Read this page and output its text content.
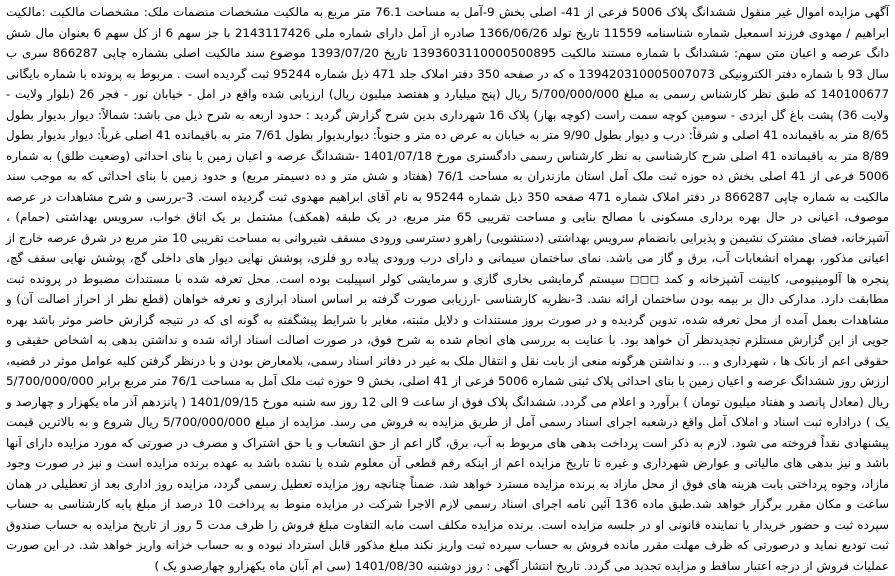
آگهی مزایده اموال غیر منقول ششدانگ پلاک 5006 فرعی از 41- اصلی بخش 9-آمل به مساحت 76.1 متر مربع به مالکیت مشخصات منضمات ملک: مشخصات مالکیت :مالکیت ابراهیم / مهدوی فرزند اسمعیل شماره شناسنامه 11559 تاریخ تولد 1366/06/26 صادره از آمل دارای شماره ملی 2143117426 با جز سهم 6 از کل سهم 6 بعنوان مال شش دانگ عرصه و اعیان متن سهم: ششدانگ با شماره مستند مالکیت 1393603110000500895 تاریخ 1393/07/20 موضوع سند مالکیت اصلی بشماره چاپی 866287 سری ب سال 93 با شماره دفتر الکترونیکی 139420310005007073 ه که در صفحه 350 دفتر املاک جلد 471 ذیل شماره 95244 ثبت گردیده است . مربوط به پرونده با شماره بایگانی 140100677 که طبق نظر کارشناس رسمی به مبلغ 5/700/000/000 ریال (پنج میلیارد و هفتصد میلیون ریال) ارزیابی شده واقع در امل - خیابان نور - فجر 26 (بلوار ولایت - ولایت 36) پشت باغ گل ایزدی - سومین کوچه سمت راست (کوچه بهار) پلاک 16 شهرداری بدین شرح گزارش گردید : حدود اربعه به شرح ذیل می باشد: شمالاً: دیوار بدیوار بطول 8/65 متر به باقیمانده 41 اصلی و شرقاً: درب و دیوار بطول 9/90 متر به خیابان به عرض ده متر و جنوباً: دیواربدیوار بطول 7/61 متر به باقیمانده 41 اصلی غرباً: دیوار بدیوار بطول 8/89 متر به باقیمانده 41 اصلی شرح کارشناسی به نظر کارشناس رسمی دادگستری مورخ 1401/07/18 -ششدانگ عرصه و اعیان زمین با بنای احداثی (وضعیت طلق) به شماره 5006 فرعی از 41 اصلی بخش ده حوزه ثبت ملک آمل استان مازندران به مساحت 76/1 (هفتاد و شش متر و ده دسیمتر مربع) و حدود زمین با بنای احداثی که به موجب سند مالکیت به شماره چاپی 866287 در دفتر املاک شماره 471 صفحه 350 ذیل شماره 95244 به نام آقای ابراهیم مهدوی ثبت گردیده است. 3-بررسی و شرح مشاهدات در عرصه موصوف، اعیانی در حال بهره برداری مسکونی با مصالح بنایی و مساحت تقریبی 65 متر مربع، در یک طبقه (همکف) مشتمل بر یک اتاق خواب، سرویس بهداشتی (حمام) ، آشپزخانه، فضای مشترک نشیمن و پذیرایی بانضمام سرویس بهداشتی (دستشویی) راهرو دسترسی ورودی مسقف شیروانی به مساحت تقریبی 10 متر مربع در شرق عرصه خارج از اعیانی مذکور، بهمراه انشعابات آب، برق و گاز می باشد. نمای ساختمان سیمانی و دارای درب ورودی پیاده رو فلزی، پوشش نهایی دیوار های داخلی گچ، پوشش نهایی سقف گچ، پنجره ها آلومینیومی، کابینت آشپزخانه و کمد ◻◻◻ سیستم گرمایشی بخاری گازی و سرمایشی کولر اسپیلیت بوده است. محل تعرفه شده با مستندات مضبوط در پرونده ثبت مطابقت دارد. مدارکی دال بر بیمه بودن ساختمان ارائه نشد. 3-نظریه کارشناسی -ارزیابی صورت گرفته بر اساس اسناد ابرازی و تعرفه خواهان (قطع نظر از احراز اصالت آن) و مشاهدات بعمل آمده از محل تعرفه شده، تدوین گردیده و در صورت بروز مستندات و دلایل مثبته، مغایر با شرایط پیشگفته به گونه ای که در نتیجه گزارش حاضر موثر باشد بهره جویی از این گزارش مستلزم تجدیدنظر آن خواهد بود. با عنایت به بررسی های انجام شده به شرح فوق، در صورت اصالت اسناد ارائه شده و نداشتن بدهی به اشخاص حقیقی و حقوقی اعم از بانک ها ، شهرداری و ... و نداشتن هرگونه منعی از بابت نقل و انتقال ملک به غیر در دفاتر اسناد رسمی، بلامعارض بودن و با درنظر گرفتن کلیه عوامل موثر در قضیه، ارزش روز ششدانگ عرصه و اعیان زمین با بنای احداثی پلاک ثبتی شماره 5006 فرعی از 41 اصلی، بخش 9 حوزه ثبت ملک آمل به مساحت 76/1 متر مربع برابر 5/700/000/000 ریال (معادل پانصد و هفتاد میلیون تومان ) برآورد و اعلام می گردد. ششدانگ پلاک فوق از ساعت 9 الی 12 روز سه شنبه مورخ 1401/09/15 ( پانزدهم آذر ماه یکهزار و چهارصد و یک ) دراداره ثبت اسناد و املاک آمل واقع درشعبه اجرای اسناد رسمی آمل از طریق مزایده به فروش می رسد. مزایده از مبلغ 5/700/000/000 ریال شروع و به بالاترین قیمت پیشنهادی نقداً فروخته می شود. لازم به ذکر است پرداخت بدهی های مربوط به آب، برق، گاز اعم از حق انشعاب و یا حق اشتراک و مصرف در صورتی که مورد مزایده دارای آنها باشد و نیز بدهی های مالیاتی و عوارض شهرداری و غیره تا تاریخ مزایده اعم از اینکه رقم قطعی آن معلوم شده یا نشده باشد به عهده برنده مزایده است و نیز در صورت وجود مازاد، وجوه پرداختی بابت هزینه های فوق از محل مازاد به برنده مزایده مسترد خواهد شد. ضمناً چنانچه روز مزایده تعطیل رسمی گردد، مزایده روز اداری بعد از تعطیلی در همان ساعت و مکان مقرر برگزار خواهد شد.طبق ماده 136 آئین نامه اجرای اسناد رسمی لازم الاجرا شرکت در مزایده منوط به پرداخت 10 درصد از مبلغ پایه کارشناسی به حساب سپرده ثبت و حضور خریدار یا نماینده قانونی او در جلسه مزایده است. برنده مزایده مکلف است مابه التفاوت مبلغ فروش را ظرف مدت 5 روز از تاریخ مزایده به حساب صندوق ثبت تودیع نماید و درصورتی که ظرف مهلت مقرر مانده فروش به حساب سپرده ثبت واریز نکند مبلغ مذکور قابل استرداد نبوده و به حساب خزانه واریز خواهد شد. در این صورت عملیات فروش از درجه اعتبار ساقط و مزایده تجدید می گردد. تاریخ انتشار آگهی : روز دوشنبه 1401/08/30 (سی ام آبان ماه یکهزارو چهارصدو یک )
